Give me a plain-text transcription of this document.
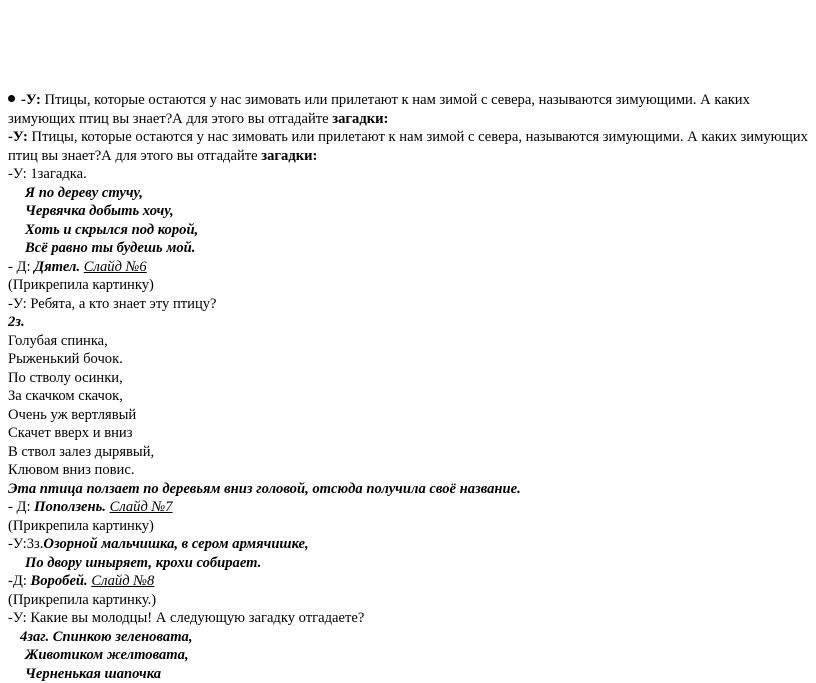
-У: Птицы, которые остаются у нас зимовать или прилетают к нам зимой с севера, называются зимующими. А каких зимующих птиц вы знает?А для этого вы отгадайте загадки:
-У: Птицы, которые остаются у нас зимовать или прилетают к нам зимой с севера, называются зимующими. А каких зимующих птиц вы знает?А для этого вы отгадайте загадки:
-У: 1загадка.
Я по дереву стучу,
Червячка добыть хочу,
Хоть и скрылся под корой,
Всё равно ты будешь мой.
- Д: Дятел. Слайд №6
(Прикрепила картинку)
-У: Ребята, а кто знает эту птицу?
2з.
Голубая спинка,
Рыженький бочок.
По стволу осинки,
За скачком скачок,
Очень уж вертлявый
Скачет вверх и вниз
В ствол залез дырявый,
Клювом вниз повис.
Эта птица ползает по деревьям вниз головой, отсюда получила своё название.
- Д: Поползень. Слайд №7
(Прикрепила картинку)
-У:3з.Озорной мальчишка, в сером армячишке,
По двору шныряет, крохи собирает.
-Д: Воробей. Слайд №8
(Прикрепила картинку.)
-У: Какие вы молодцы! А следующую загадку отгадаете?
4заг. Спинкою зеленовата,
Животиком желтовата,
Черненькая шапочка
